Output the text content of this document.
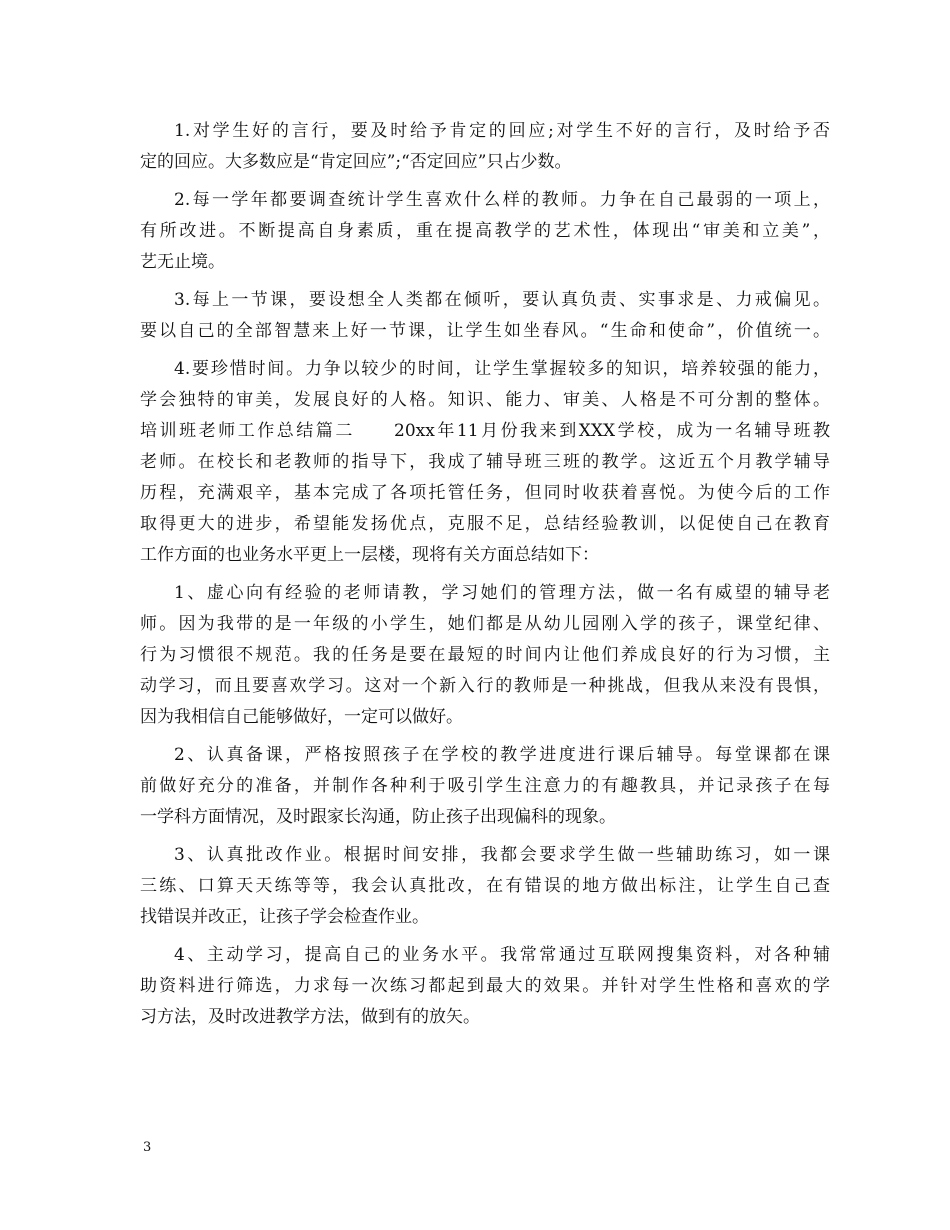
1.对学生好的言行，要及时给予肯定的回应;对学生不好的言行，及时给予否
定的回应。大多数应是“肯定回应”;“否定回应”只占少数。
2.每一学年都要调查统计学生喜欢什么样的教师。力争在自己最弱的一项上，
有所改进。不断提高自身素质，重在提高教学的艺术性，体现出“审美和立美”，
艺无止境。
3.每上一节课，要设想全人类都在倾听，要认真负责、实事求是、力戒偏见。
要以自己的全部智慧来上好一节课，让学生如坐春风。“生命和使命”，价值统一。
4.要珍惜时间。力争以较少的时间，让学生掌握较多的知识，培养较强的能力，
学会独特的审美，发展良好的人格。知识、能力、审美、人格是不可分割的整体。
培训班老师工作总结篇二　　20xx年11月份我来到XXX学校，成为一名辅导班教
老师。在校长和老教师的指导下，我成了辅导班三班的教学。这近五个月教学辅导
历程，充满艰辛，基本完成了各项托管任务，但同时收获着喜悦。为使今后的工作
取得更大的进步，希望能发扬优点，克服不足，总结经验教训，以促使自己在教育
工作方面的也业务水平更上一层楼，现将有关方面总结如下：
1、虚心向有经验的老师请教，学习她们的管理方法，做一名有威望的辅导老
师。因为我带的是一年级的小学生，她们都是从幼儿园刚入学的孩子，课堂纪律、
行为习惯很不规范。我的任务是要在最短的时间内让他们养成良好的行为习惯，主
动学习，而且要喜欢学习。这对一个新入行的教师是一种挑战，但我从来没有畏惧，
因为我相信自己能够做好，一定可以做好。
2、认真备课，严格按照孩子在学校的教学进度进行课后辅导。每堂课都在课
前做好充分的准备，并制作各种利于吸引学生注意力的有趣教具，并记录孩子在每
一学科方面情况，及时跟家长沟通，防止孩子出现偏科的现象。
3、认真批改作业。根据时间安排，我都会要求学生做一些辅助练习，如一课
三练、口算天天练等等，我会认真批改，在有错误的地方做出标注，让学生自己查
找错误并改正，让孩子学会检查作业。
4、主动学习，提高自己的业务水平。我常常通过互联网搜集资料，对各种辅
助资料进行筛选，力求每一次练习都起到最大的效果。并针对学生性格和喜欢的学
习方法，及时改进教学方法，做到有的放矢。
3
